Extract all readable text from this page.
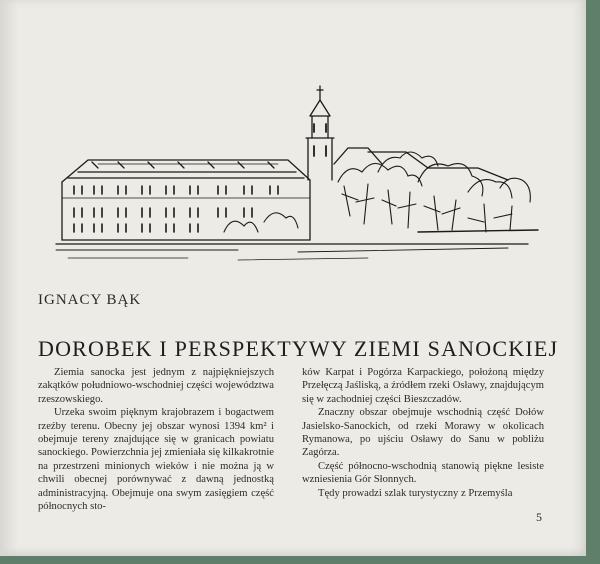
IGNACY BĄK
DOROBEK I PERSPEKTYWY ZIEMI SANOCKIEJ

Ziemia sanocka jest jednym z najpiękniejszych zakątków południowo-wschodniej części województwa rzeszowskiego.

Urzeka swoim pięknym krajobrazem i bogactwem rzeźby terenu. Obecny jej obszar wynosi 1394 km² i obejmuje tereny znajdujące się w granicach powiatu sanockiego. Powierzchnia jej zmieniała się kilkakrotnie na przestrzeni minionych wieków i nie można ją w chwili obecnej porównywać z dawną jednostką administracyjną. Obejmuje ona swym zasięgiem część północnych sto-

ków Karpat i Pogórza Karpackiego, położoną między Przełęczą Jaśliską, a źródłem rzeki Osławy, znajdującym się w zachodniej części Bieszczadów.

Znaczny obszar obejmuje wschodnią część Dołów Jasielsko-Sanockich, od rzeki Morawy w okolicach Rymanowa, po ujściu Osławy do Sanu w pobliżu Zagórza.

Część północno-wschodnią stanowią piękne lesiste wzniesienia Gór Słonnych.

Tędy prowadzi szlak turystyczny z Przemyśla

5
